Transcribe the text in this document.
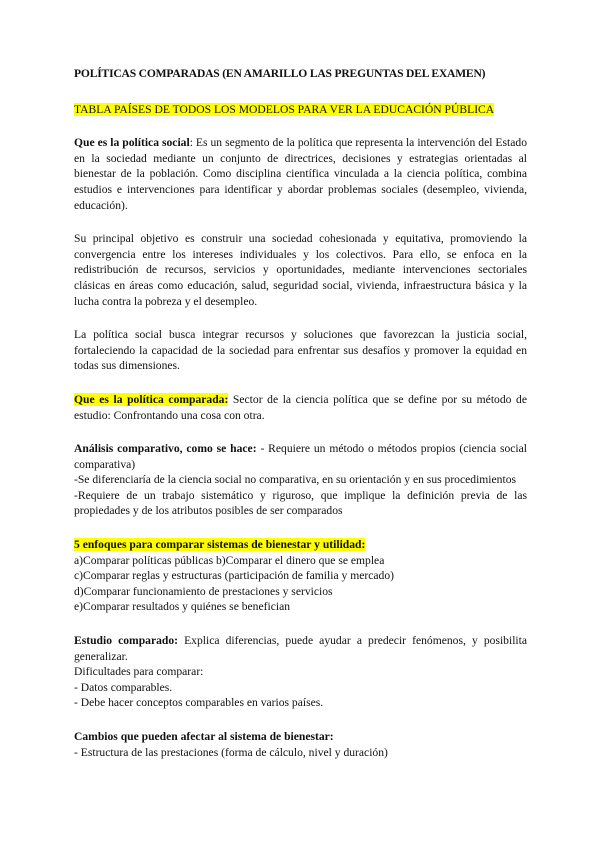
POLÍTICAS COMPARADAS (EN AMARILLO LAS PREGUNTAS DEL EXAMEN)

TABLA PAÍSES DE TODOS LOS MODELOS PARA VER LA EDUCACIÓN PÚBLICA

Que es la política social: Es un segmento de la política que representa la intervención del Estado en la sociedad mediante un conjunto de directrices, decisiones y estrategias orientadas al bienestar de la población. Como disciplina científica vinculada a la ciencia política, combina estudios e intervenciones para identificar y abordar problemas sociales (desempleo, vivienda, educación).

Su principal objetivo es construir una sociedad cohesionada y equitativa, promoviendo la convergencia entre los intereses individuales y los colectivos. Para ello, se enfoca en la redistribución de recursos, servicios y oportunidades, mediante intervenciones sectoriales clásicas en áreas como educación, salud, seguridad social, vivienda, infraestructura básica y la lucha contra la pobreza y el desempleo.

La política social busca integrar recursos y soluciones que favorezcan la justicia social, fortaleciendo la capacidad de la sociedad para enfrentar sus desafíos y promover la equidad en todas sus dimensiones.

Que es la política comparada: Sector de la ciencia política que se define por su método de estudio: Confrontando una cosa con otra.

Análisis comparativo, como se hace: - Requiere un método o métodos propios (ciencia social comparativa)
-Se diferenciaría de la ciencia social no comparativa, en su orientación y en sus procedimientos
-Requiere de un trabajo sistemático y riguroso, que implique la definición previa de las propiedades y de los atributos posibles de ser comparados

5 enfoques para comparar sistemas de bienestar y utilidad:
a)Comparar políticas públicas b)Comparar el dinero que se emplea
c)Comparar reglas y estructuras (participación de familia y mercado)
d)Comparar funcionamiento de prestaciones y servicios
e)Comparar resultados y quiénes se benefician

Estudio comparado: Explica diferencias, puede ayudar a predecir fenómenos, y posibilita generalizar.
Dificultades para comparar:
- Datos comparables.
- Debe hacer conceptos comparables en varios países.

Cambios que pueden afectar al sistema de bienestar:
- Estructura de las prestaciones (forma de cálculo, nivel y duración)
